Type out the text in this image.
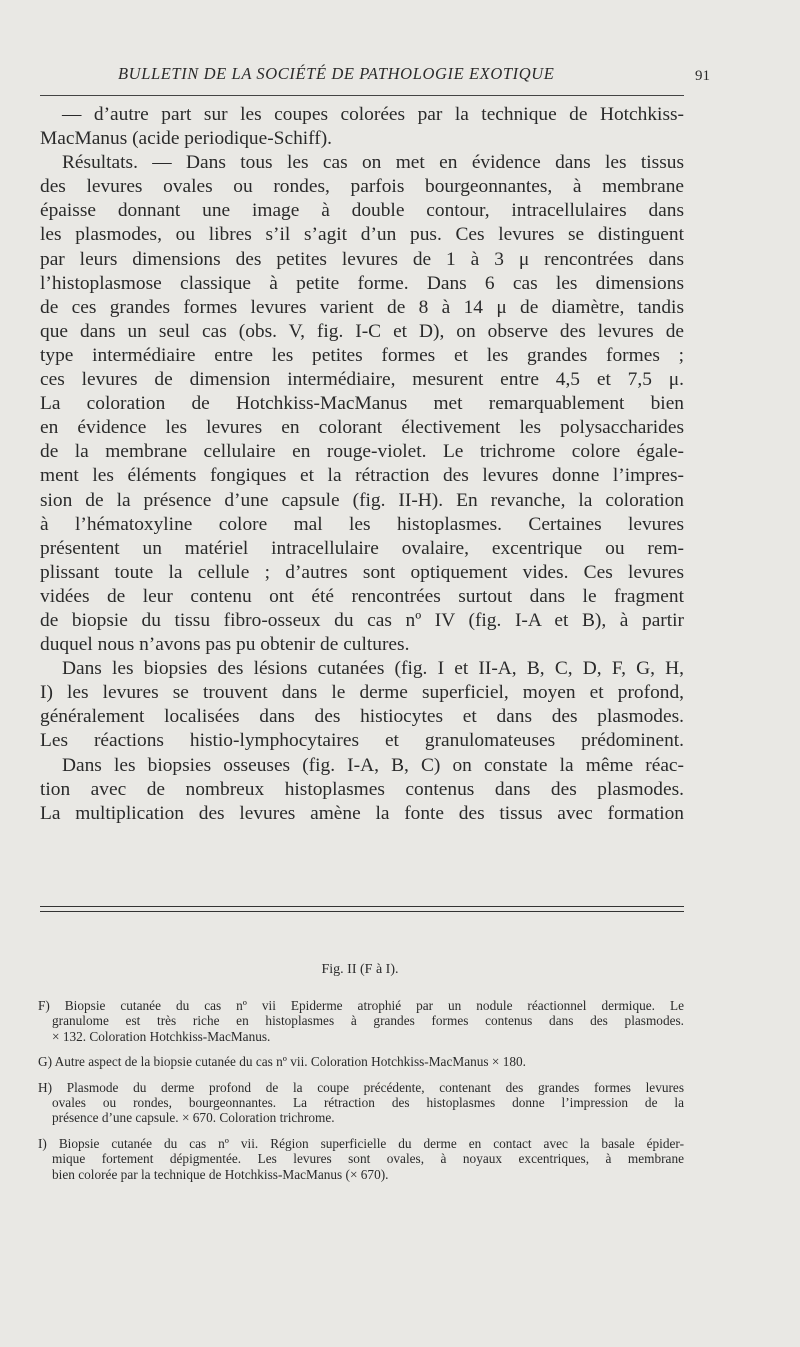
BULLETIN DE LA SOCIÉTÉ DE PATHOLOGIE EXOTIQUE	91
— d’autre part sur les coupes colorées par la technique de Hotchkiss-
MacManus (acide periodique-Schiff).
Résultats. — Dans tous les cas on met en évidence dans les tissus
des levures ovales ou rondes, parfois bourgeonnantes, à membrane
épaisse donnant une image à double contour, intracellulaires dans
les plasmodes, ou libres s’il s’agit d’un pus. Ces levures se distinguent
par leurs dimensions des petites levures de 1 à 3 μ rencontrées dans
l’histoplasmose classique à petite forme. Dans 6 cas les dimensions
de ces grandes formes levures varient de 8 à 14 μ de diamètre, tandis
que dans un seul cas (obs. V, fig. I-C et D), on observe des levures de
type intermédiaire entre les petites formes et les grandes formes ;
ces levures de dimension intermédiaire, mesurent entre 4,5 et 7,5 μ.
La coloration de Hotchkiss-MacManus met remarquablement bien
en évidence les levures en colorant électivement les polysaccharides
de la membrane cellulaire en rouge-violet. Le trichrome colore égale-
ment les éléments fongiques et la rétraction des levures donne l’impres-
sion de la présence d’une capsule (fig. II-H). En revanche, la coloration
à l’hématoxyline colore mal les histoplasmes. Certaines levures
présentent un matériel intracellulaire ovalaire, excentrique ou rem-
plissant toute la cellule ; d’autres sont optiquement vides. Ces levures
vidées de leur contenu ont été rencontrées surtout dans le fragment
de biopsie du tissu fibro-osseux du cas nº IV (fig. I-A et B), à partir
duquel nous n’avons pas pu obtenir de cultures.
Dans les biopsies des lésions cutanées (fig. I et II-A, B, C, D, F, G, H,
I) les levures se trouvent dans le derme superficiel, moyen et profond,
généralement localisées dans des histiocytes et dans des plasmodes.
Les réactions histio-lymphocytaires et granulomateuses prédominent.
Dans les biopsies osseuses (fig. I-A, B, C) on constate la même réac-
tion avec de nombreux histoplasmes contenus dans des plasmodes.
La multiplication des levures amène la fonte des tissus avec formation
Fig. II (F à I).
F) Biopsie cutanée du cas nº vii Epiderme atrophié par un nodule réactionnel dermique. Le
granulome est très riche en histoplasmes à grandes formes contenus dans des plasmodes.
× 132. Coloration Hotchkiss-MacManus.
G) Autre aspect de la biopsie cutanée du cas nº vii. Coloration Hotchkiss-MacManus × 180.
H) Plasmode du derme profond de la coupe précédente, contenant des grandes formes levures
ovales ou rondes, bourgeonnantes. La rétraction des histoplasmes donne l’impression de la
présence d’une capsule. × 670. Coloration trichrome.
I) Biopsie cutanée du cas nº vii. Région superficielle du derme en contact avec la basale épider-
mique fortement dépigmentée. Les levures sont ovales, à noyaux excentriques, à membrane
bien colorée par la technique de Hotchkiss-MacManus (× 670).
